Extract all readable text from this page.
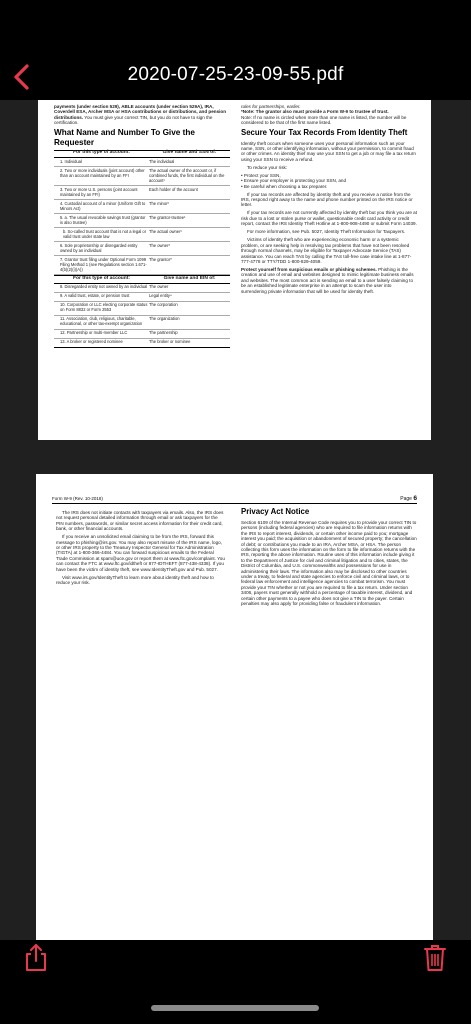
2020-07-25-23-09-55.pdf
payments (under section 529), ABLE accounts (under section 529A), IRA, Coverdell ESA, Archer MSA or HSA contributions or distributions, and pension distributions. You must give your correct TIN, but you do not have to sign the certification.
What Name and Number To Give the Requester
For this type of account:	Give name and SSN of:
1. Individual	The individual
2. Two or more individuals (joint account) other than an account maintained by an FFI	The actual owner of the account or, if combined funds, the first individual on the account¹
3. Two or more U.S. persons (joint account maintained by an FFI)	Each holder of the account
4. Custodial account of a minor (Uniform Gift to Minors Act)	The minor²
5. a. The usual revocable savings trust (grantor is also trustee)	The grantor-trustee¹
b. So-called trust account that is not a legal or valid trust under state law	The actual owner¹
6. Sole proprietorship or disregarded entity owned by an individual	The owner³
7. Grantor trust filing under Optional Form 1099 Filing Method 1 (see Regulations section 1.671-4(b)(2)(i)(A))	The grantor*
For this type of account:	Give name and EIN of:
8. Disregarded entity not owned by an individual	The owner
9. A valid trust, estate, or pension trust	Legal entity⁴
10. Corporation or LLC electing corporate status on Form 8832 or Form 2553	The corporation
11. Association, club, religious, charitable, educational, or other tax-exempt organization	The organization
12. Partnership or multi-member LLC	The partnership
13. A broker or registered nominee	The broker or nominee
rules for partnerships, earlier.
*Note: The grantor also must provide a Form W-9 to trustee of trust.
Note: If no name is circled when more than one name is listed, the number will be considered to be that of the first name listed.
Secure Your Tax Records From Identity Theft
Identity theft occurs when someone uses your personal information such as your name, SSN, or other identifying information, without your permission, to commit fraud or other crimes. An identity thief may use your SSN to get a job or may file a tax return using your SSN to receive a refund.
To reduce your risk:
• Protect your SSN,
• Ensure your employer is protecting your SSN, and
• Be careful when choosing a tax preparer.
If your tax records are affected by identity theft and you receive a notice from the IRS, respond right away to the name and phone number printed on the IRS notice or letter.
If your tax records are not currently affected by identity theft but you think you are at risk due to a lost or stolen purse or wallet, questionable credit card activity or credit report, contact the IRS Identity Theft Hotline at 1-800-908-4490 or submit Form 14039.
For more information, see Pub. 5027, Identity Theft Information for Taxpayers.
Victims of identity theft who are experiencing economic harm or a systemic problem, or are seeking help in resolving tax problems that have not been resolved through normal channels, may be eligible for Taxpayer Advocate Service (TAS) assistance. You can reach TAS by calling the TAS toll-free case intake line at 1-877-777-4778 or TTY/TDD 1-800-829-4059.
Protect yourself from suspicious emails or phishing schemes. Phishing is the creation and use of email and websites designed to mimic legitimate business emails and websites. The most common act is sending an email to a user falsely claiming to be an established legitimate enterprise in an attempt to scam the user into surrendering private information that will be used for identity theft.
Form W-9 (Rev. 10-2018)	Page 6
The IRS does not initiate contacts with taxpayers via emails. Also, the IRS does not request personal detailed information through email or ask taxpayers for the PIN numbers, passwords, or similar secret access information for their credit card, bank, or other financial accounts.
If you receive an unsolicited email claiming to be from the IRS, forward this message to phishing@irs.gov. You may also report misuse of the IRS name, logo, or other IRS property to the Treasury Inspector General for Tax Administration (TIGTA) at 1-800-366-4484. You can forward suspicious emails to the Federal Trade Commission at spam@uce.gov or report them at www.ftc.gov/complaint. You can contact the FTC at www.ftc.gov/idtheft or 877-IDTHEFT (877-438-4338). If you have been the victim of identity theft, see www.IdentityTheft.gov and Pub. 5027.
Visit www.irs.gov/IdentityTheft to learn more about identity theft and how to reduce your risk.
Privacy Act Notice
Section 6109 of the Internal Revenue Code requires you to provide your correct TIN to persons (including federal agencies) who are required to file information returns with the IRS to report interest, dividends, or certain other income paid to you; mortgage interest you paid; the acquisition or abandonment of secured property; the cancellation of debt; or contributions you made to an IRA, Archer MSA, or HSA. The person collecting this form uses the information on the form to file information returns with the IRS, reporting the above information. Routine uses of this information include giving it to the Department of Justice for civil and criminal litigation and to cities, states, the District of Columbia, and U.S. commonwealths and possessions for use in administering their laws. The information also may be disclosed to other countries under a treaty, to federal and state agencies to enforce civil and criminal laws, or to federal law enforcement and intelligence agencies to combat terrorism. You must provide your TIN whether or not you are required to file a tax return. Under section 3406, payers must generally withhold a percentage of taxable interest, dividend, and certain other payments to a payee who does not give a TIN to the payer. Certain penalties may also apply for providing false or fraudulent information.
